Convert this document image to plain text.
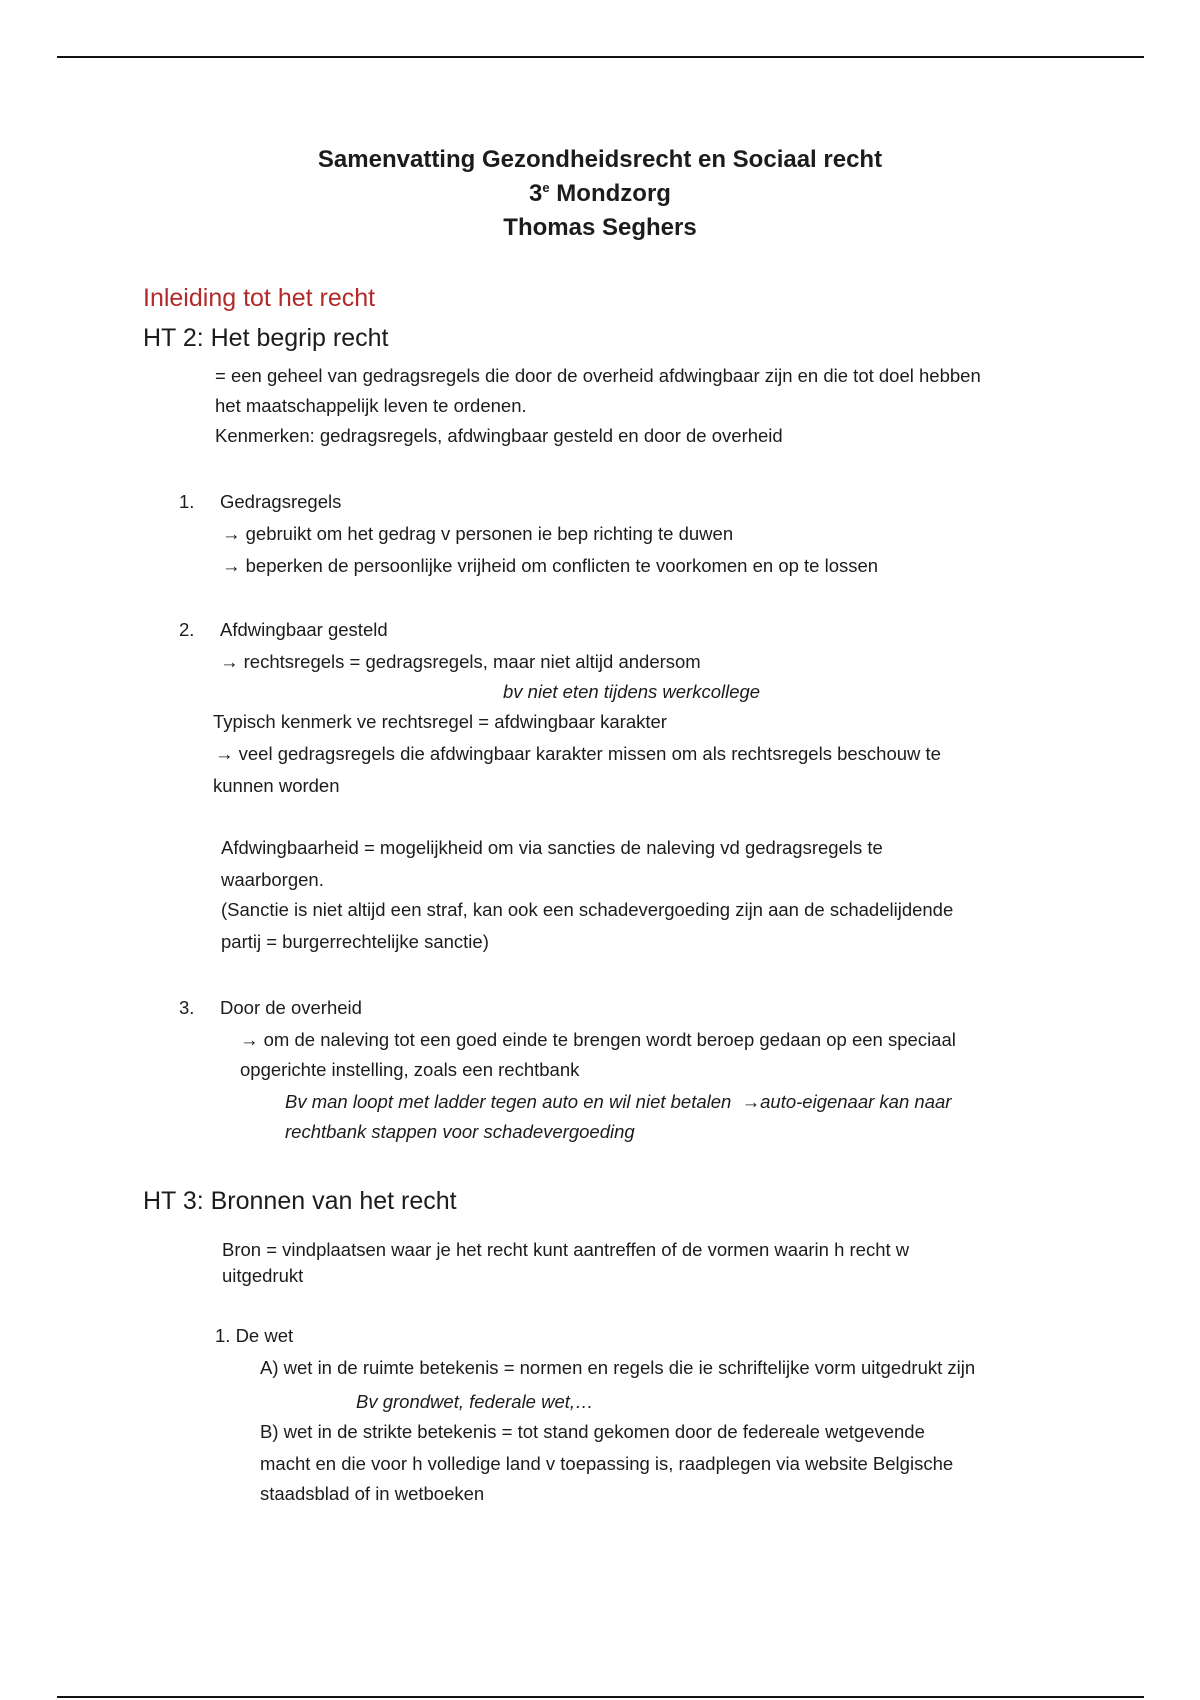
Samenvatting Gezondheidsrecht en Sociaal recht
3e Mondzorg
Thomas Seghers
Inleiding tot het recht
HT 2: Het begrip recht
= een geheel van gedragsregels die door de overheid afdwingbaar zijn en die tot doel hebben
het maatschappelijk leven te ordenen.
Kenmerken: gedragsregels, afdwingbaar gesteld en door de overheid
1. Gedragsregels
→ gebruikt om het gedrag v personen ie bep richting te duwen
→ beperken de persoonlijke vrijheid om conflicten te voorkomen en op te lossen
2. Afdwingbaar gesteld
→ rechtsregels = gedragsregels, maar niet altijd andersom
bv niet eten tijdens werkcollege
Typisch kenmerk ve rechtsregel = afdwingbaar karakter
→ veel gedragsregels die afdwingbaar karakter missen om als rechtsregels beschouw te
kunnen worden
Afdwingbaarheid = mogelijkheid om via sancties de naleving vd gedragsregels te
waarborgen.
(Sanctie is niet altijd een straf, kan ook een schadevergoeding zijn aan de schadelijdende
partij = burgerrechtelijke sanctie)
3. Door de overheid
→ om de naleving tot een goed einde te brengen wordt beroep gedaan op een speciaal
opgerichte instelling, zoals een rechtbank
Bv man loopt met ladder tegen auto en wil niet betalen →auto-eigenaar kan naar
rechtbank stappen voor schadevergoeding
HT 3: Bronnen van het recht
Bron = vindplaatsen waar je het recht kunt aantreffen of de vormen waarin h recht w
uitgedrukt
1. De wet
A) wet in de ruimte betekenis = normen en regels die ie schriftelijke vorm uitgedrukt zijn
Bv grondwet, federale wet,…
B) wet in de strikte betekenis = tot stand gekomen door de federeale wetgevende
macht en die voor h volledige land v toepassing is, raadplegen via website Belgische
staadsblad of in wetboeken
